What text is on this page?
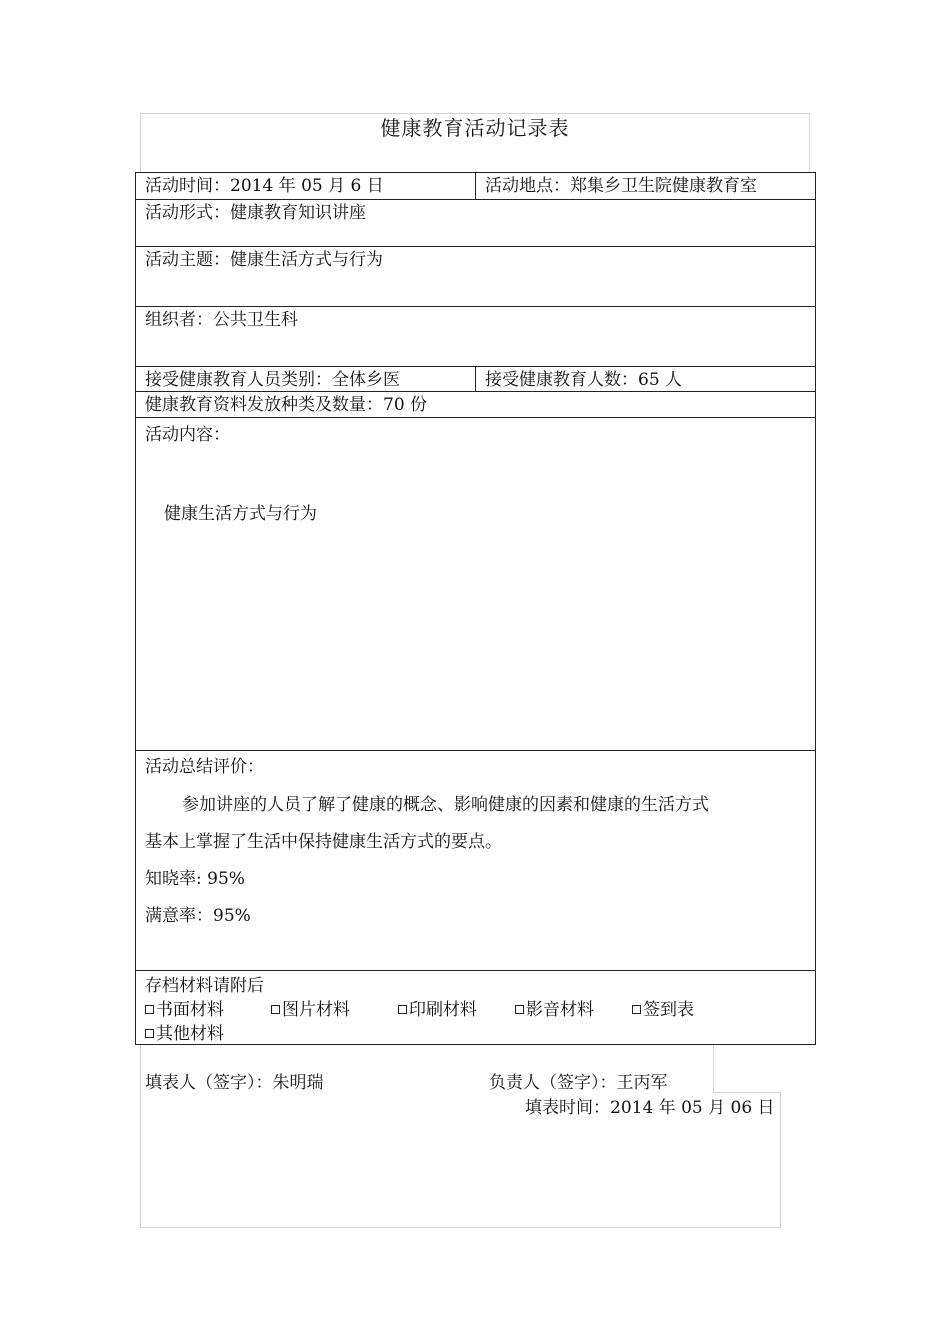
健康教育活动记录表
活动时间：2014 年 05 月 6 日	活动地点：郑集乡卫生院健康教育室
活动形式：健康教育知识讲座
活动主题：健康生活方式与行为
组织者：公共卫生科
接受健康教育人员类别：全体乡医	接受健康教育人数：65 人
健康教育资料发放种类及数量：70 份
活动内容：
健康生活方式与行为
活动总结评价：
参加讲座的人员了解了健康的概念、影响健康的因素和健康的生活方式
基本上掌握了生活中保持健康生活方式的要点。
知晓率: 95%
满意率：95%
存档材料请附后
书面材料	图片材料	印刷材料	影音材料	签到表
其他材料
填表人（签字）：朱明瑞	负责人（签字）：王丙军
填表时间：2014 年 05 月 06 日
